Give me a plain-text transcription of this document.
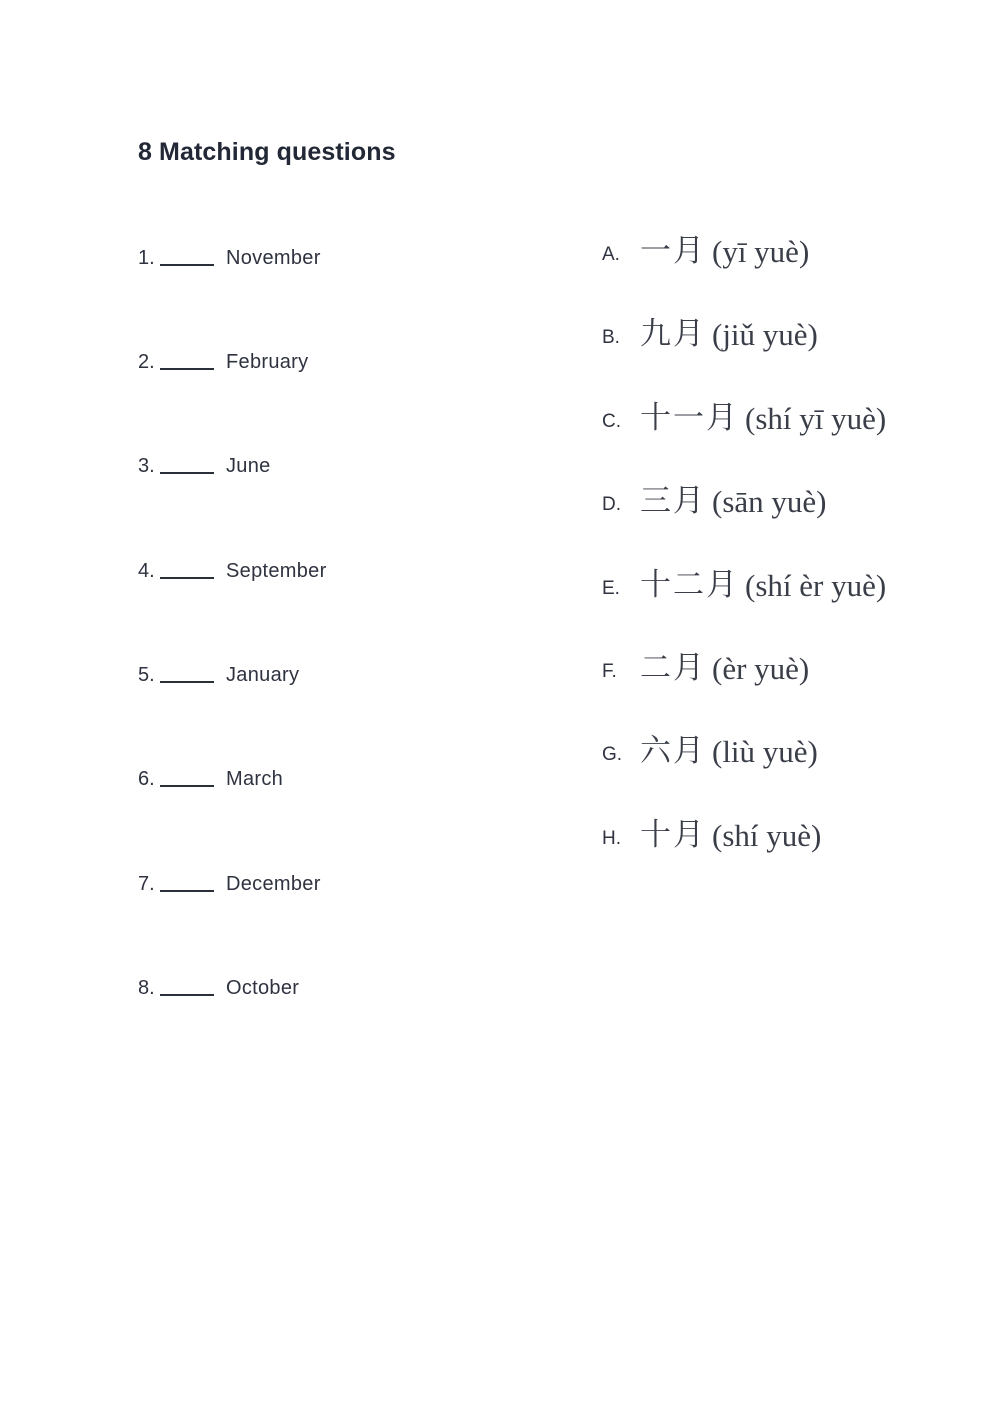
8 Matching questions
1.	November
2.	February
3.	June
4.	September
5.	January
6.	March
7.	December
8.	October
A. 一月 (yī yuè)
B. 九月 (jiǔ yuè)
C. 十一月 (shí yī yuè)
D. 三月 (sān yuè)
E. 十二月 (shí èr yuè)
F. 二月 (èr yuè)
G. 六月 (liù yuè)
H. 十月 (shí yuè)
